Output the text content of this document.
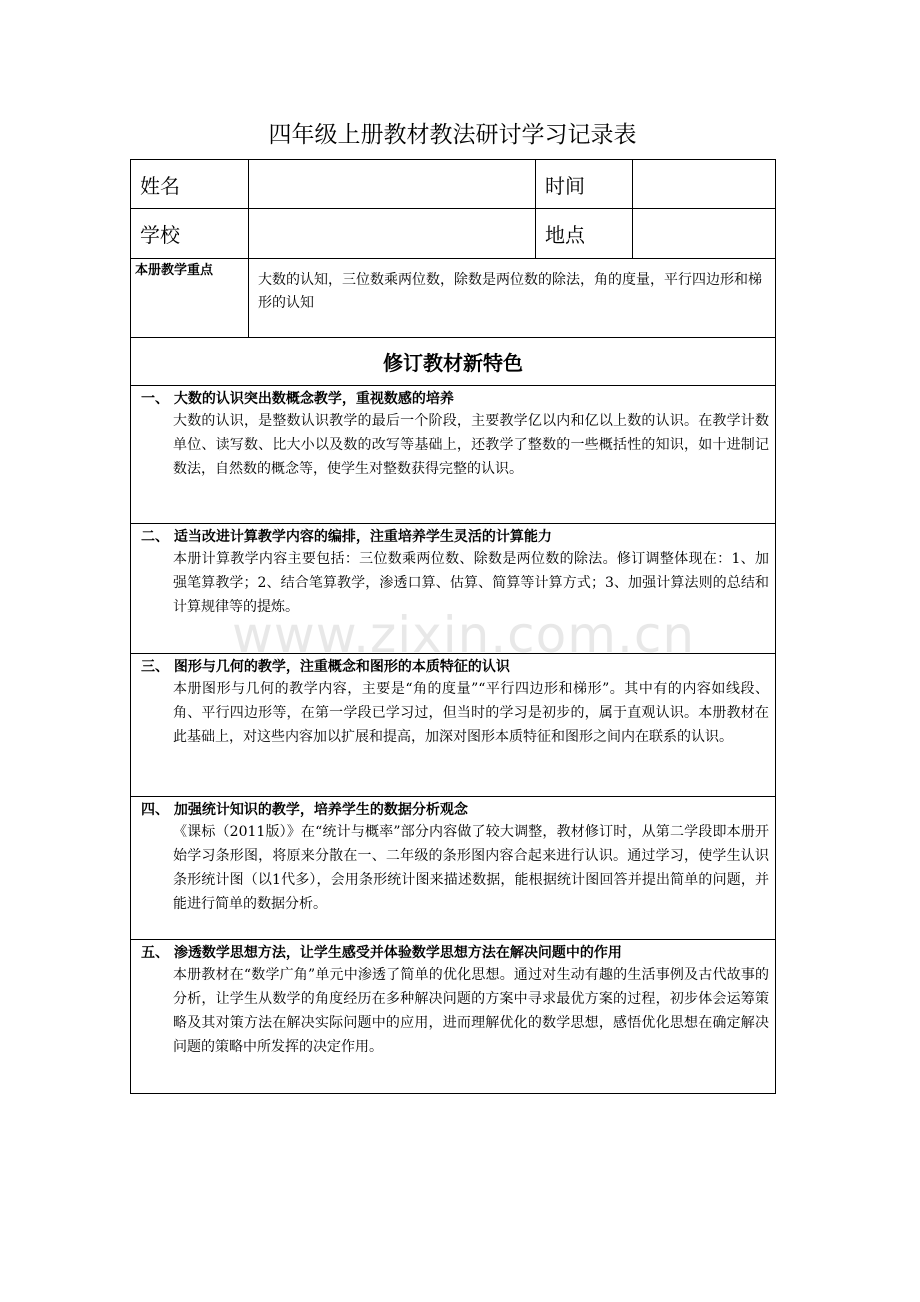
四年级上册教材教法研讨学习记录表
姓名		时间	
学校		地点	
本册教学重点	大数的认知，三位数乘两位数，除数是两位数的除法，角的度量，平行四边形和梯形的认知		
修订教材新特色			

一、 大数的认识突出数概念教学，重视数感的培养
大数的认识，是整数认识教学的最后一个阶段，主要教学亿以内和亿以上数的认识。在教学计数单位、读写数、比大小以及数的改写等基础上，还教学了整数的一些概括性的知识，如十进制记数法，自然数的概念等，使学生对整数获得完整的认识。			

二、 适当改进计算教学内容的编排，注重培养学生灵活的计算能力
本册计算教学内容主要包括：三位数乘两位数、除数是两位数的除法。修订调整体现在：1、加强笔算教学；2、结合笔算教学，渗透口算、估算、简算等计算方式；3、加强计算法则的总结和计算规律等的提炼。			

三、 图形与几何的教学，注重概念和图形的本质特征的认识
本册图形与几何的教学内容，主要是“角的度量”“平行四边形和梯形”。其中有的内容如线段、角、平行四边形等，在第一学段已学习过，但当时的学习是初步的，属于直观认识。本册教材在此基础上，对这些内容加以扩展和提高，加深对图形本质特征和图形之间内在联系的认识。			

四、 加强统计知识的教学，培养学生的数据分析观念
《课标（2011版）》在“统计与概率”部分内容做了较大调整，教材修订时，从第二学段即本册开始学习条形图，将原来分散在一、二年级的条形图内容合起来进行认识。通过学习，使学生认识条形统计图（以1代多），会用条形统计图来描述数据，能根据统计图回答并提出简单的问题，并能进行简单的数据分析。			

五、 渗透数学思想方法，让学生感受并体验数学思想方法在解决问题中的作用
本册教材在“数学广角”单元中渗透了简单的优化思想。通过对生动有趣的生活事例及古代故事的分析，让学生从数学的角度经历在多种解决问题的方案中寻求最优方案的过程，初步体会运筹策略及其对策方法在解决实际问题中的应用，进而理解优化的数学思想，感悟优化思想在确定解决问题的策略中所发挥的决定作用。			
www.zixin.com.cn
